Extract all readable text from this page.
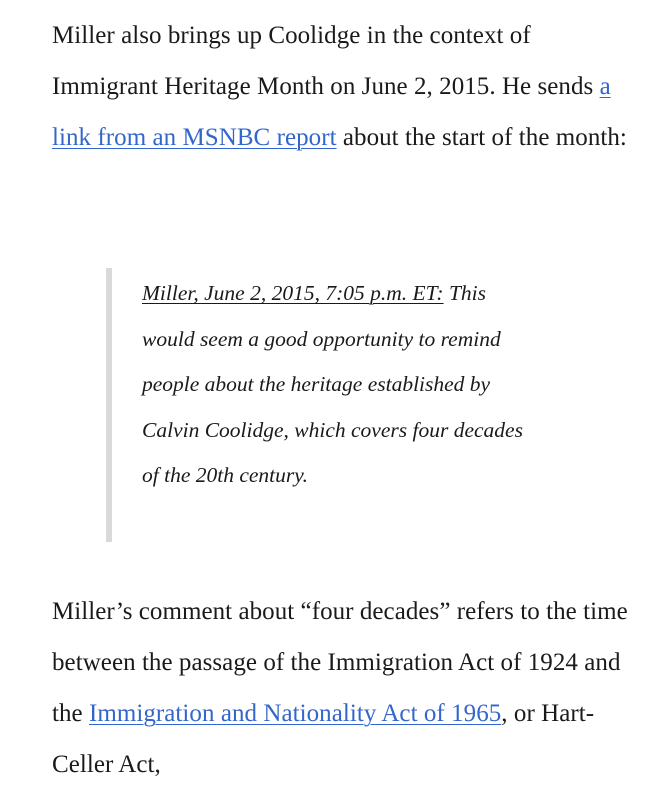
Miller also brings up Coolidge in the context of Immigrant Heritage Month on June 2, 2015. He sends a link from an MSNBC report about the start of the month:

Miller, June 2, 2015, 7:05 p.m. ET: This would seem a good opportunity to remind people about the heritage established by Calvin Coolidge, which covers four decades of the 20th century.

Miller’s comment about “four decades” refers to the time between the passage of the Immigration Act of 1924 and the Immigration and Nationality Act of 1965, or Hart-Celler Act,
